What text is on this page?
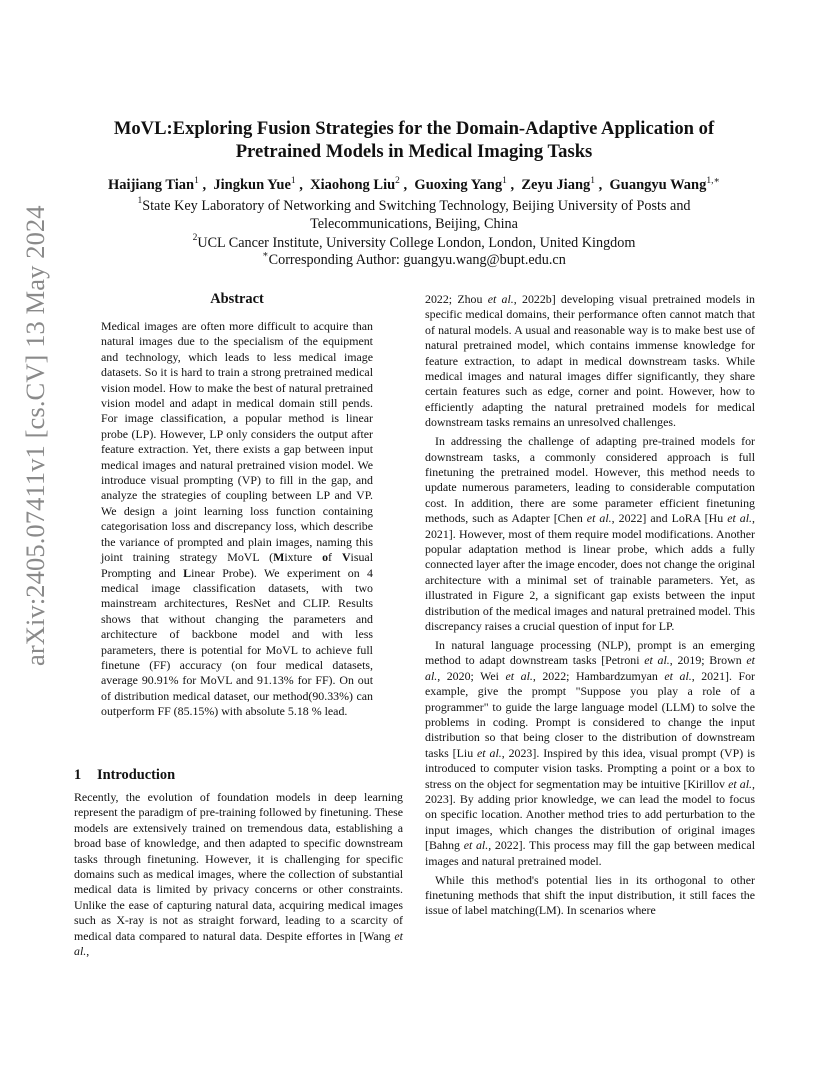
arXiv:2405.07411v1 [cs.CV] 13 May 2024
MoVL:Exploring Fusion Strategies for the Domain-Adaptive Application of
Pretrained Models in Medical Imaging Tasks
Haijiang Tian$^1$ ,  Jingkun Yue$^1$ ,  Xiaohong Liu$^2$ ,  Guoxing Yang$^1$ ,  Zeyu Jiang$^1$ ,  Guangyu Wang$^{1,∗}$
$^1$State Key Laboratory of Networking and Switching Technology, Beijing University of Posts and
Telecommunications, Beijing, China
$^2$UCL Cancer Institute, University College London, London, United Kingdom
∗Corresponding Author: guangyu.wang@bupt.edu.cn
Abstract

Medical images are often more difficult to acquire than natural images due to the specialism of the equipment and technology, which leads to less medical image datasets. So it is hard to train a strong pretrained medical vision model. How to make the best of natural pretrained vision model and adapt in medical domain still pends. For image classification, a popular method is linear probe (LP). However, LP only considers the output after feature extraction. Yet, there exists a gap between input medical images and natural pretrained vision model. We introduce visual prompting (VP) to fill in the gap, and analyze the strategies of coupling between LP and VP. We design a joint learning loss function containing categorisation loss and discrepancy loss, which describe the variance of prompted and plain images, naming this joint training strategy MoVL (Mixture of Visual Prompting and Linear Probe). We experiment on 4 medical image classification datasets, with two mainstream architectures, ResNet and CLIP. Results shows that without changing the parameters and architecture of backbone model and with less parameters, there is potential for MoVL to achieve full finetune (FF) accuracy (on four medical datasets, average 90.91% for MoVL and 91.13% for FF). On out of distribution medical dataset, our method(90.33%) can outperform FF (85.15%) with absolute 5.18 % lead.

1 Introduction

Recently, the evolution of foundation models in deep learning represent the paradigm of pre-training followed by finetuning. These models are extensively trained on tremendous data, establishing a broad base of knowledge, and then adapted to specific downstream tasks through finetuning. However, it is challenging for specific domains such as medical images, where the collection of substantial medical data is limited by privacy concerns or other constraints. Unlike the ease of capturing natural data, acquiring medical images such as X-ray is not as straight forward, leading to a scarcity of medical data compared to natural data. Despite effortes in [Wang et al.,

2022; Zhou et al., 2022b] developing visual pretrained models in specific medical domains, their performance often cannot match that of natural models. A usual and reasonable way is to make best use of natural pretrained model, which contains immense knowledge for feature extraction, to adapt in medical downstream tasks. While medical images and natural images differ significantly, they share certain features such as edge, corner and point. However, how to efficiently adapting the natural pretrained models for medical downstream tasks remains an unresolved challenges.

In addressing the challenge of adapting pre-trained models for downstream tasks, a commonly considered approach is full finetuning the pretrained model. However, this method needs to update numerous parameters, leading to considerable computation cost. In addition, there are some parameter efficient finetuning methods, such as Adapter [Chen et al., 2022] and LoRA [Hu et al., 2021]. However, most of them require model modifications. Another popular adaptation method is linear probe, which adds a fully connected layer after the image encoder, does not change the original architecture with a minimal set of trainable parameters. Yet, as illustrated in Figure 2, a significant gap exists between the input distribution of the medical images and natural pretrained model. This discrepancy raises a crucial question of input for LP.

In natural language processing (NLP), prompt is an emerging method to adapt downstream tasks [Petroni et al., 2019; Brown et al., 2020; Wei et al., 2022; Hambardzumyan et al., 2021]. For example, give the prompt "Suppose you play a role of a programmer" to guide the large language model (LLM) to solve the problems in coding. Prompt is considered to change the input distribution so that being closer to the distribution of downstream tasks [Liu et al., 2023]. Inspired by this idea, visual prompt (VP) is introduced to computer vision tasks. Prompting a point or a box to stress on the object for segmentation may be intuitive [Kirillov et al., 2023]. By adding prior knowledge, we can lead the model to focus on specific location. Another method tries to add perturbation to the input images, which changes the distribution of original images [Bahng et al., 2022]. This process may fill the gap between medical images and natural pretrained model.

While this method's potential lies in its orthogonal to other finetuning methods that shift the input distribution, it still faces the issue of label matching(LM). In scenarios where
